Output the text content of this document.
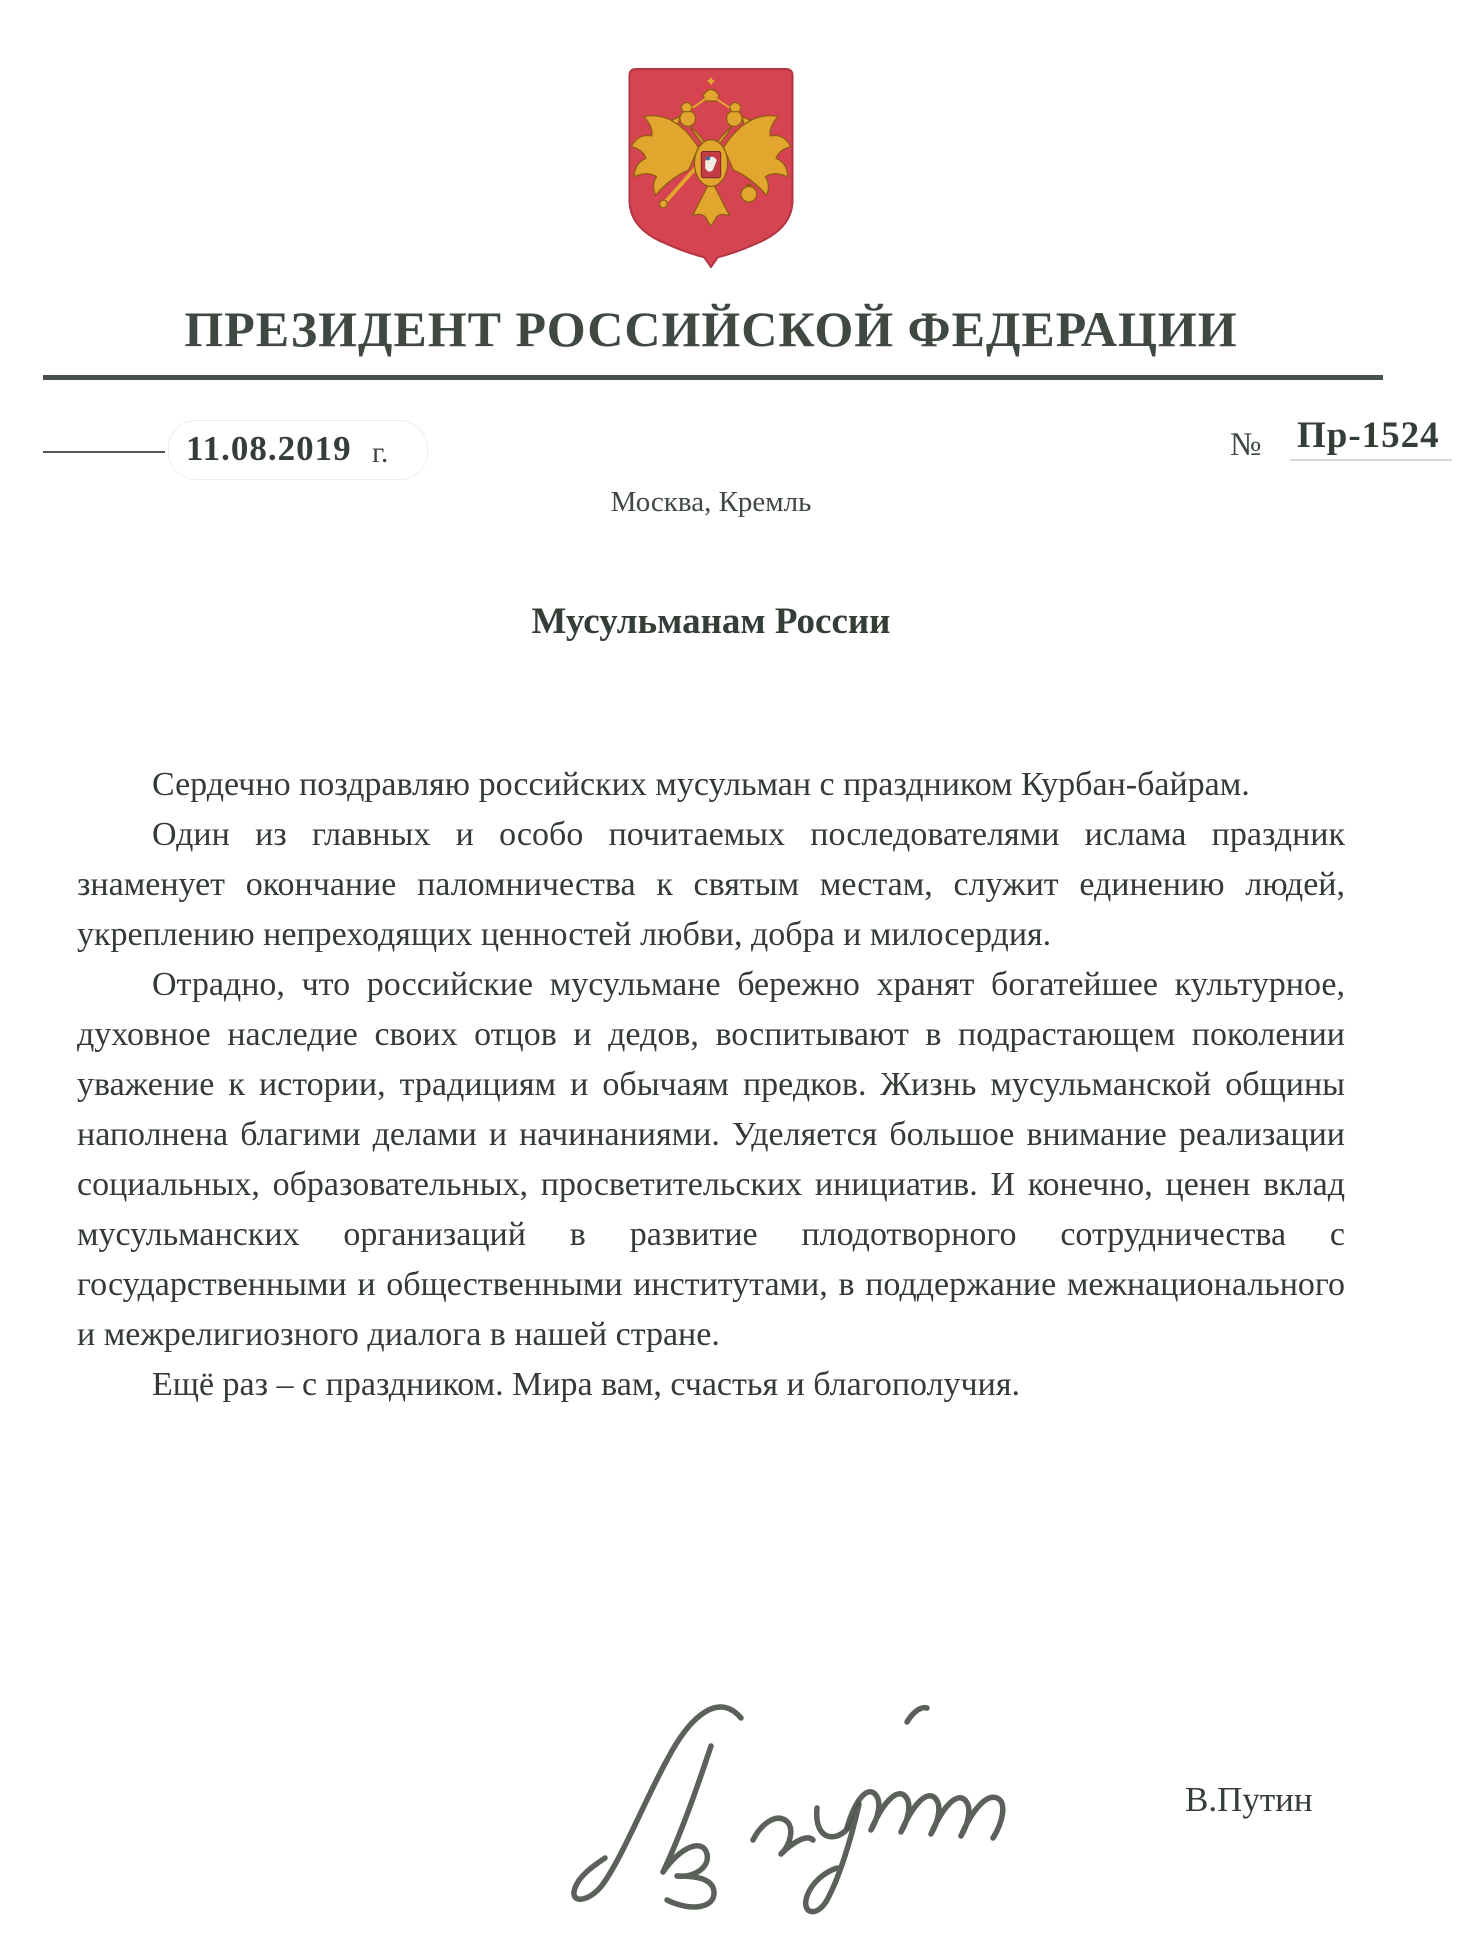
ПРЕЗИДЕНТ РОССИЙСКОЙ ФЕДЕРАЦИИ
11.08.2019 г.	№ Пр-1524
Москва, Кремль
Мусульманам России

Сердечно поздравляю российских мусульман с праздником Курбан-байрам.

Один из главных и особо почитаемых последователями ислама праздник знаменует окончание паломничества к святым местам, служит единению людей, укреплению непреходящих ценностей любви, добра и милосердия.

Отрадно, что российские мусульмане бережно хранят богатейшее культурное, духовное наследие своих отцов и дедов, воспитывают в подрастающем поколении уважение к истории, традициям и обычаям предков. Жизнь мусульманской общины наполнена благими делами и начинаниями. Уделяется большое внимание реализации социальных, образовательных, просветительских инициатив. И конечно, ценен вклад мусульманских организаций в развитие плодотворного сотрудничества с государственными и общественными институтами, в поддержание межнационального и межрелигиозного диалога в нашей стране.

Ещё раз – с праздником. Мира вам, счастья и благополучия.

В.Путин
